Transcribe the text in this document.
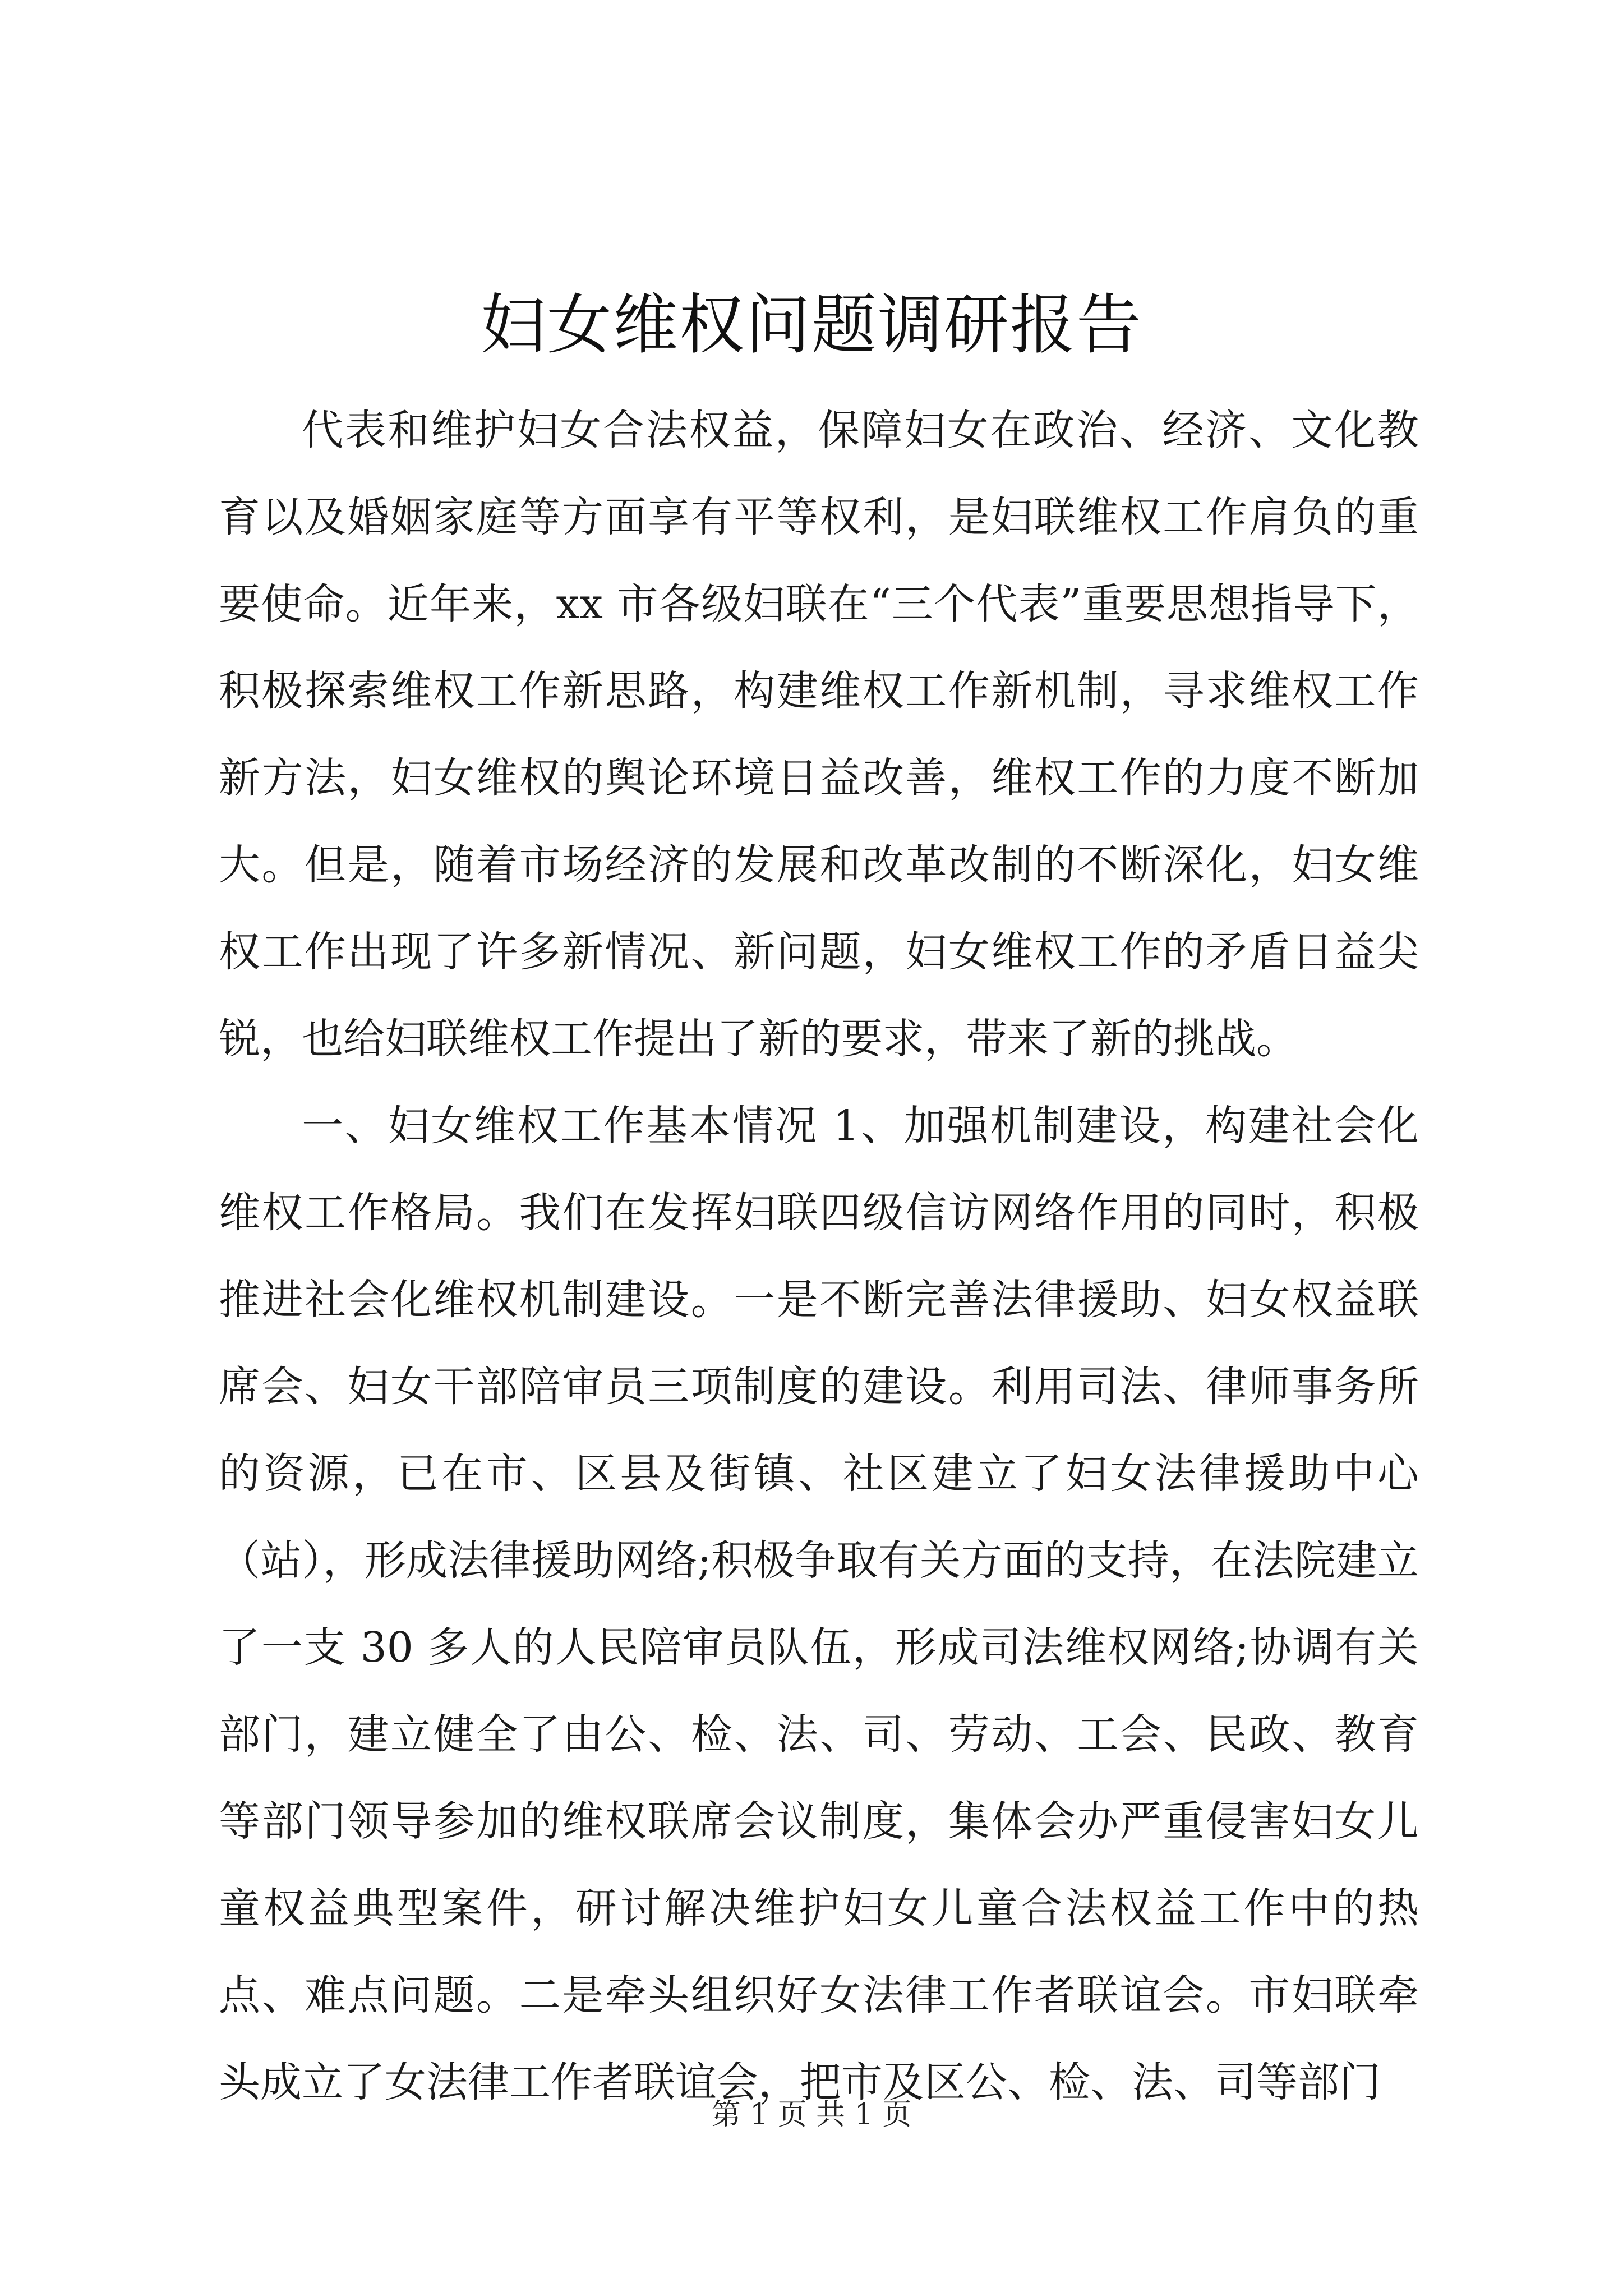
妇女维权问题调研报告

代表和维护妇女合法权益，保障妇女在政治、经济、文化教育以及婚姻家庭等方面享有平等权利，是妇联维权工作肩负的重要使命。近年来，xx 市各级妇联在“三个代表”重要思想指导下，积极探索维权工作新思路，构建维权工作新机制，寻求维权工作新方法，妇女维权的舆论环境日益改善，维权工作的力度不断加大。但是，随着市场经济的发展和改革改制的不断深化，妇女维权工作出现了许多新情况、新问题，妇女维权工作的矛盾日益尖锐，也给妇联维权工作提出了新的要求，带来了新的挑战。

一、妇女维权工作基本情况 1、加强机制建设，构建社会化维权工作格局。我们在发挥妇联四级信访网络作用的同时，积极推进社会化维权机制建设。一是不断完善法律援助、妇女权益联席会、妇女干部陪审员三项制度的建设。利用司法、律师事务所的资源，已在市、区县及街镇、社区建立了妇女法律援助中心（站），形成法律援助网络;积极争取有关方面的支持，在法院建立了一支 30 多人的人民陪审员队伍，形成司法维权网络;协调有关部门，建立健全了由公、检、法、司、劳动、工会、民政、教育等部门领导参加的维权联席会议制度，集体会办严重侵害妇女儿童权益典型案件，研讨解决维护妇女儿童合法权益工作中的热点、难点问题。二是牵头组织好女法律工作者联谊会。市妇联牵头成立了女法律工作者联谊会，把市及区公、检、法、司等部门

第 1 页 共 1 页
